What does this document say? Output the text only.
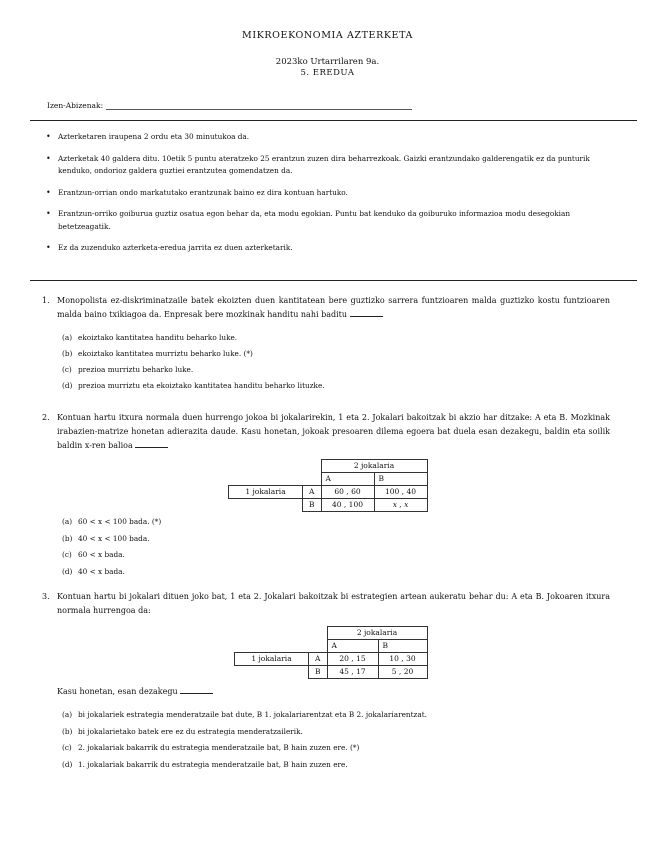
MIKROEKONOMIA AZTERKETA
2023ko Urtarrilaren 9a.
5. EREDUA
Izen-Abizenak:
• Azterketaren iraupena 2 ordu eta 30 minutukoa da.
• Azterketak 40 galdera ditu. 10etik 5 puntu ateratzeko 25 erantzun zuzen dira beharrezkoak. Gaizki erantzundako galderengatik ez da punturik kenduko, ondorioz galdera guztiei erantzutea gomendatzen da.
• Erantzun-orrian ondo markatutako erantzunak baino ez dira kontuan hartuko.
• Erantzun-orriko goiburua guztiz osatua egon behar da, eta modu egokian. Puntu bat kenduko da goiburuko informazioa modu desegokian betetzeagatik.
• Ez da zuzenduko azterketa-eredua jarrita ez duen azterketarik.
1. Monopolista ez-diskriminatzaile batek ekoizten duen kantitatean bere guztizko sarrera funtzioaren malda guztizko kostu funtzioaren malda baino txikiagoa da. Enpresak bere mozkinak handitu nahi baditu
(a) ekoiztako kantitatea handitu beharko luke.
(b) ekoiztako kantitatea murriztu beharko luke. (*)
(c) prezioa murriztu beharko luke.
(d) prezioa murriztu eta ekoiztako kantitatea handitu beharko lituzke.
2. Kontuan hartu itxura normala duen hurrengo jokoa bi jokalarirekin, 1 eta 2. Jokalari bakoitzak bi akzio har ditzake: A eta B. Mozkinak irabazien-matrize honetan adierazita daude. Kasu honetan, jokoak presoaren dilema egoera bat duela esan dezakegu, baldin eta soilik baldin x-ren balioa
		2 jokalaria	
		A	B
1 jokalaria	A	60 , 60	100 , 40
	B	40 , 100	x , x
(a) 60 < x < 100 bada. (*)
(b) 40 < x < 100 bada.
(c) 60 < x bada.
(d) 40 < x bada.
3. Kontuan hartu bi jokalari dituen joko bat, 1 eta 2. Jokalari bakoitzak bi estrategien artean aukeratu behar du: A eta B. Jokoaren itxura normala hurrengoa da:
		2 jokalaria	
		A	B
1 jokalaria	A	20 , 15	10 , 30
	B	45 , 17	5 , 20
Kasu honetan, esan dezakegu
(a) bi jokalariek estrategia menderatzaile bat dute, B 1. jokalariarentzat eta B 2. jokalariarentzat.
(b) bi jokalarietako batek ere ez du estrategia menderatzailerik.
(c) 2. jokalariak bakarrik du estrategia menderatzaile bat, B hain zuzen ere. (*)
(d) 1. jokalariak bakarrik du estrategia menderatzaile bat, B hain zuzen ere.
